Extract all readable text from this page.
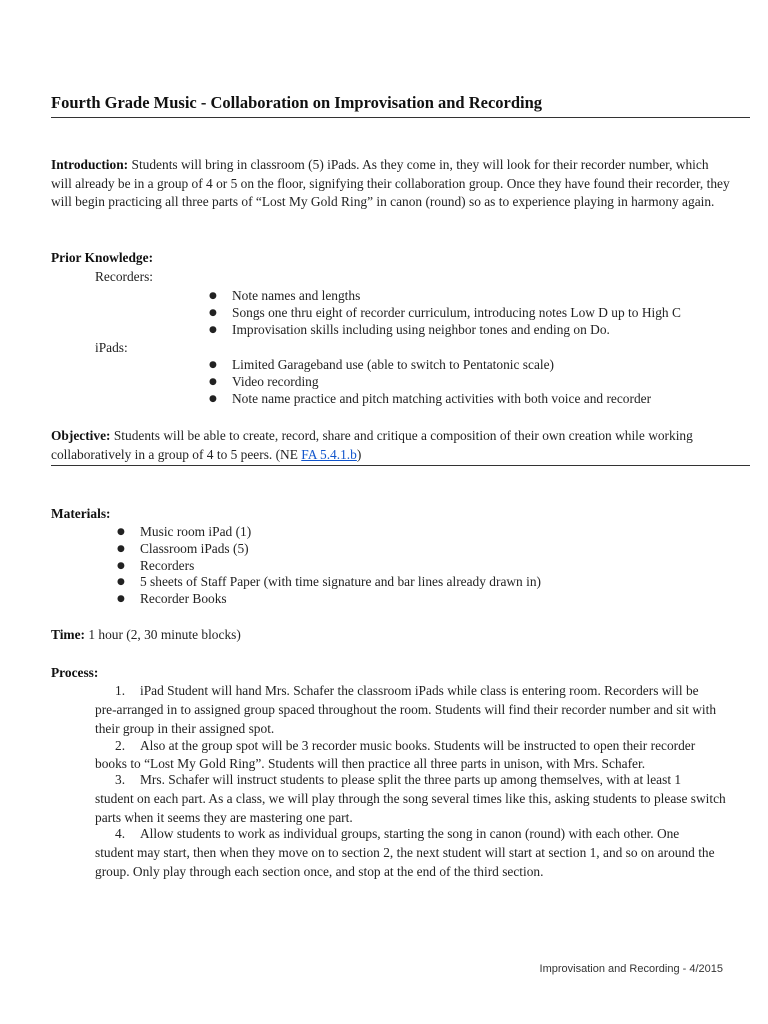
Fourth Grade Music - Collaboration on Improvisation and Recording
Introduction: Students will bring in classroom (5) iPads. As they come in, they will look for their recorder number, which will already be in a group of 4 or 5 on the floor, signifying their collaboration group. Once they have found their recorder, they will begin practicing all three parts of “Lost My Gold Ring” in canon (round) so as to experience playing in harmony again.
Prior Knowledge:
Recorders:
● Note names and lengths
● Songs one thru eight of recorder curriculum, introducing notes Low D up to High C
● Improvisation skills including using neighbor tones and ending on Do.
iPads:
● Limited Garageband use (able to switch to Pentatonic scale)
● Video recording
● Note name practice and pitch matching activities with both voice and recorder
Objective: Students will be able to create, record, share and critique a composition of their own creation while working collaboratively in a group of 4 to 5 peers. (NE FA 5.4.1.b)
Materials:
● Music room iPad (1)
● Classroom iPads (5)
● Recorders
● 5 sheets of Staff Paper (with time signature and bar lines already drawn in)
● Recorder Books
Time: 1 hour (2, 30 minute blocks)
Process:
1. iPad Student will hand Mrs. Schafer the classroom iPads while class is entering room. Recorders will be
pre-arranged in to assigned group spaced throughout the room. Students will find their recorder number and sit with their group in their assigned spot.
2. Also at the group spot will be 3 recorder music books. Students will be instructed to open their recorder
books to “Lost My Gold Ring”. Students will then practice all three parts in unison, with Mrs. Schafer.
3. Mrs. Schafer will instruct students to please split the three parts up among themselves, with at least 1
student on each part. As a class, we will play through the song several times like this, asking students to please switch parts when it seems they are mastering one part.
4. Allow students to work as individual groups, starting the song in canon (round) with each other. One
student may start, then when they move on to section 2, the next student will start at section 1, and so on around the group. Only play through each section once, and stop at the end of the third section.
Improvisation and Recording - 4/2015
